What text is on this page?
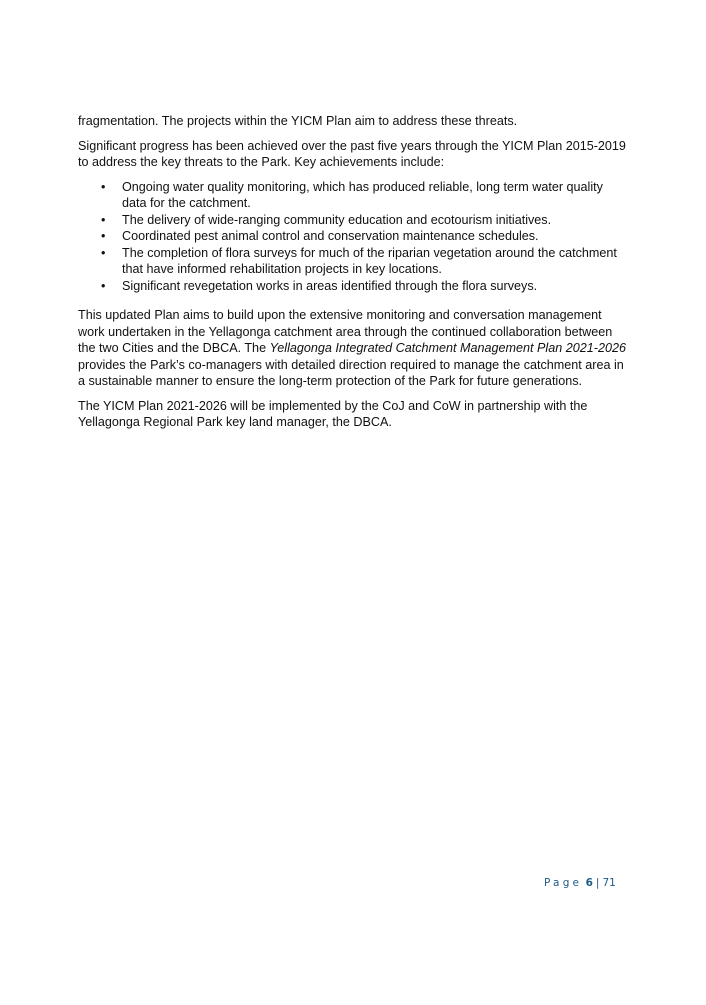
fragmentation. The projects within the YICM Plan aim to address these threats.

Significant progress has been achieved over the past five years through the YICM Plan 2015-2019 to address the key threats to the Park. Key achievements include:

• Ongoing water quality monitoring, which has produced reliable, long term water quality data for the catchment.
• The delivery of wide-ranging community education and ecotourism initiatives.
• Coordinated pest animal control and conservation maintenance schedules.
• The completion of flora surveys for much of the riparian vegetation around the catchment that have informed rehabilitation projects in key locations.
• Significant revegetation works in areas identified through the flora surveys.

This updated Plan aims to build upon the extensive monitoring and conversation management work undertaken in the Yellagonga catchment area through the continued collaboration between the two Cities and the DBCA. The Yellagonga Integrated Catchment Management Plan 2021-2026 provides the Park’s co-managers with detailed direction required to manage the catchment area in a sustainable manner to ensure the long-term protection of the Park for future generations.

The YICM Plan 2021-2026 will be implemented by the CoJ and CoW in partnership with the Yellagonga Regional Park key land manager, the DBCA.

Page 6 | 71
